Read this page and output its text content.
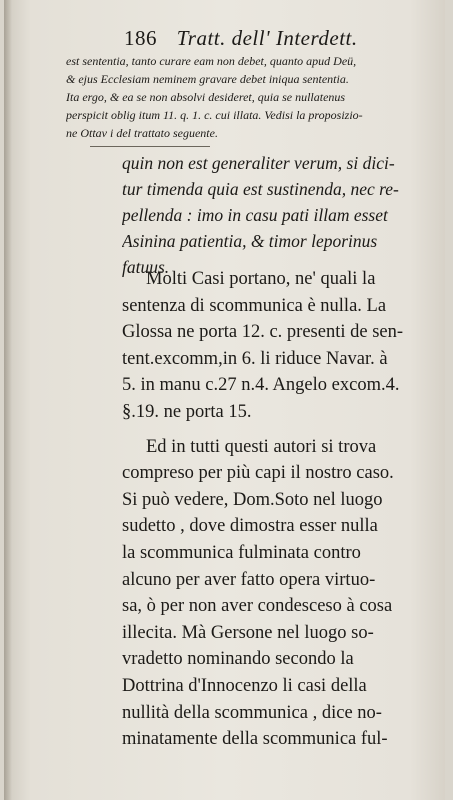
186 Tratt. dell' Interdett.
est sententia, tanto curare eam non debet, quanto apud Deü,
& ejus Ecclesiam neminem gravare debet iniqua sententia.
Ita ergo, & ea se non absolvi desideret, quia se nullatenus
perspicit oblig itum 11. q. 1. c. cui illata. Vedisi la proposizio-
ne Ottav i del trattato seguente.
quin non est generaliter verum, si dici-
tur timenda quia est sustinenda, nec re-
pellenda : imo in casu pati illam esset
Asinina patientia, & timor leporinus
fatuus.
Molti Casi portano, ne' quali la
sentenza di scommunica è nulla. La
Glossa ne porta 12. c. presenti de sen-
tent.excomm,in 6. li riduce Navar. à
5. in manu c.27 n.4. Angelo excom.4.
§.19. ne porta 15.
Ed in tutti questi autori si trova
compreso per più capi il nostro caso.
Si può vedere, Dom.Soto nel luogo
sudetto , dove dimostra esser nulla
la scommunica fulminata contro
alcuno per aver fatto opera virtuo-
sa, ò per non aver condesceso à cosa
illecita. Mà Gersone nel luogo so-
vradetto nominando secondo la
Dottrina d'Innocenzo li casi della
nullità della scommunica , dice no-
minatamente della scommunica ful-
